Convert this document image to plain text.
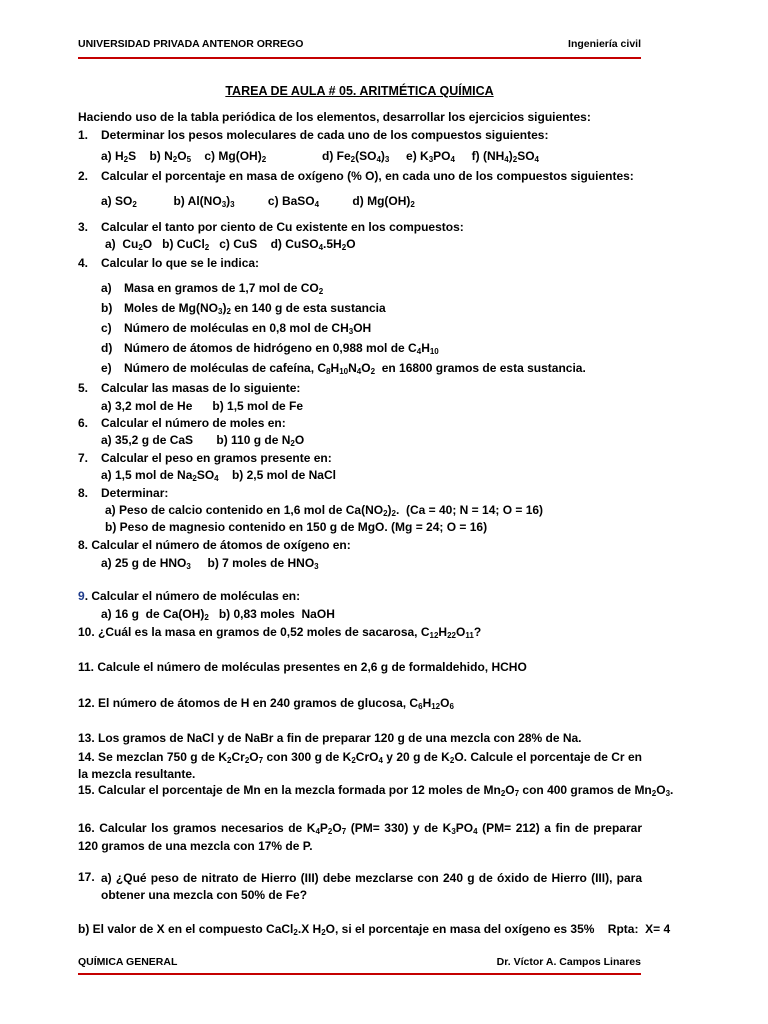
UNIVERSIDAD PRIVADA ANTENOR ORREGO	Ingeniería civil
TAREA DE AULA # 05. ARITMÉTICA QUÍMICA
Haciendo uso de la tabla periódica de los elementos, desarrollar los ejercicios siguientes:
1. Determinar los pesos moleculares de cada uno de los compuestos siguientes:
a) $H_2S$    b) $N_2O_5$    c) $Mg(OH)_2$	d) $Fe_2(SO_4)_3$     e) $K_3PO_4$     f) $(NH_4)_2SO_4$
2. Calcular el porcentaje en masa de oxígeno (% O), en cada uno de los compuestos siguientes:
a) $SO_2$           b) $Al(NO_3)_3$          c) BaSO$_4$          d) $Mg(OH)_2$
3. Calcular el tanto por ciento de Cu existente en los compuestos:
a)  $Cu_2O$   b) CuCl$_2$   c) CuS    d) $CuSO_4.5H_2O$
4. Calcular lo que se le indica:
a) Masa en gramos de 1,7 mol de $CO_2$
b) Moles de $Mg(NO_3)_2$ en 140 g de esta sustancia
c) Número de moléculas en 0,8 mol de $CH_3OH$
d) Número de átomos de hidrógeno en 0,988 mol de $C_4H_{10}$
e) Número de moléculas de cafeína, $C_8H_{10}N_4O_2$  en 16800 gramos de esta sustancia.
5. Calcular las masas de lo siguiente:
a) 3,2 mol de He      b) 1,5 mol de Fe
6. Calcular el número de moles en:
a) 35,2 g de CaS       b) 110 g de $N_2O$
7. Calcular el peso en gramos presente en:
a) 1,5 mol de $Na_2SO_4$    b) 2,5 mol de NaCl
8. Determinar:
a) Peso de calcio contenido en 1,6 mol de $Ca(NO_2)_2$.  (Ca = 40; N = 14; O = 16)
b) Peso de magnesio contenido en 150 g de MgO. (Mg = 24; O = 16)
8. Calcular el número de átomos de oxígeno en:
a) 25 g de $HNO_3$     b) 7 moles de $HNO_3$
9. Calcular el número de moléculas en:
a) 16 g  de $Ca(OH)_2$   b) 0,83 moles  NaOH
10. ¿Cuál es la masa en gramos de 0,52 moles de sacarosa, $C_{12}H_{22}O_{11}$?
11. Calcule el número de moléculas presentes en 2,6 g de formaldehido, HCHO
12. El número de átomos de H en 240 gramos de glucosa, $C_6H_{12}O_6$
13. Los gramos de NaCl y de NaBr a fin de preparar 120 g de una mezcla con 28% de Na.
14. Se mezclan 750 g de $K_2Cr_2O_7$ con 300 g de $K_2CrO_4$ y 20 g de $K_2O$. Calcule el porcentaje de Cr en la mezcla resultante.
15. Calcular el porcentaje de Mn en la mezcla formada por 12 moles de $Mn_2O_7$ con 400 gramos de $Mn_2O_3$.
16. Calcular los gramos necesarios de $K_4P_2O_7$ (PM= 330) y de $K_3PO_4$ (PM= 212) a fin de preparar 120 gramos de una mezcla con 17% de P.
17. a) ¿Qué peso de nitrato de Hierro (III) debe mezclarse con 240 g de óxido de Hierro (III), para obtener una mezcla con 50% de Fe?
b) El valor de X en el compuesto CaCl$_2$.X $H_2O$, si el porcentaje en masa del oxígeno es 35%    Rpta:  X= 4
QUÍMICA GENERAL	Dr. Víctor A. Campos Linares
